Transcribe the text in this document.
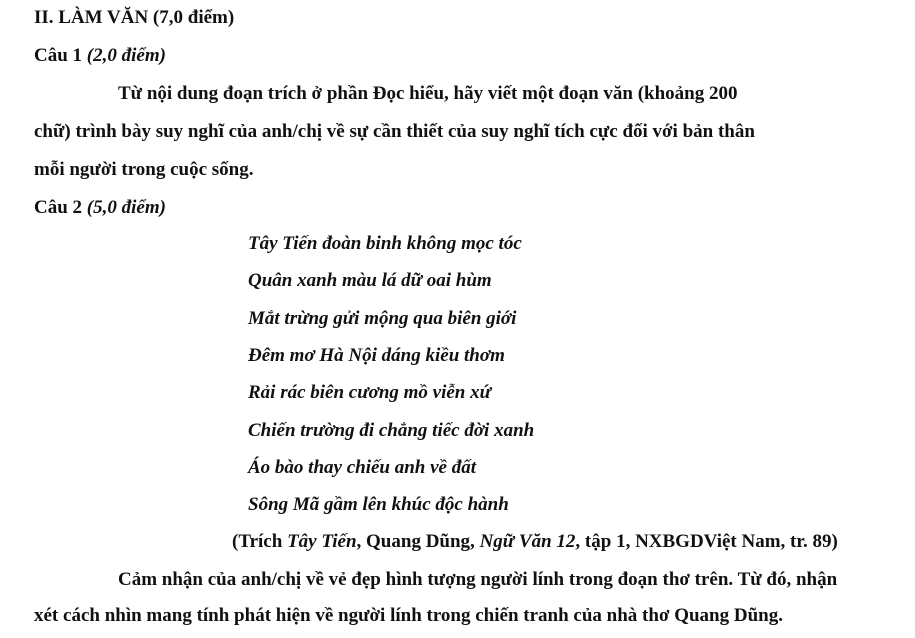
II. LÀM VĂN (7,0 điểm)
Câu 1 (2,0 điểm)
Từ nội dung đoạn trích ở phần Đọc hiểu, hãy viết một đoạn văn (khoảng 200
chữ) trình bày suy nghĩ của anh/chị về sự cần thiết của suy nghĩ tích cực đối với bản thân
mỗi người trong cuộc sống.
Câu 2 (5,0 điểm)
Tây Tiến đoàn binh không mọc tóc
Quân xanh màu lá dữ oai hùm
Mắt trừng gửi mộng qua biên giới
Đêm mơ Hà Nội dáng kiều thơm
Rải rác biên cương mồ viễn xứ
Chiến trường đi chẳng tiếc đời xanh
Áo bào thay chiếu anh về đất
Sông Mã gầm lên khúc độc hành
(Trích Tây Tiến, Quang Dũng, Ngữ Văn 12, tập 1, NXBGDViệt Nam, tr. 89)
Cảm nhận của anh/chị về vẻ đẹp hình tượng người lính trong đoạn thơ trên. Từ đó, nhận
xét cách nhìn mang tính phát hiện về người lính trong chiến tranh của nhà thơ Quang Dũng.
